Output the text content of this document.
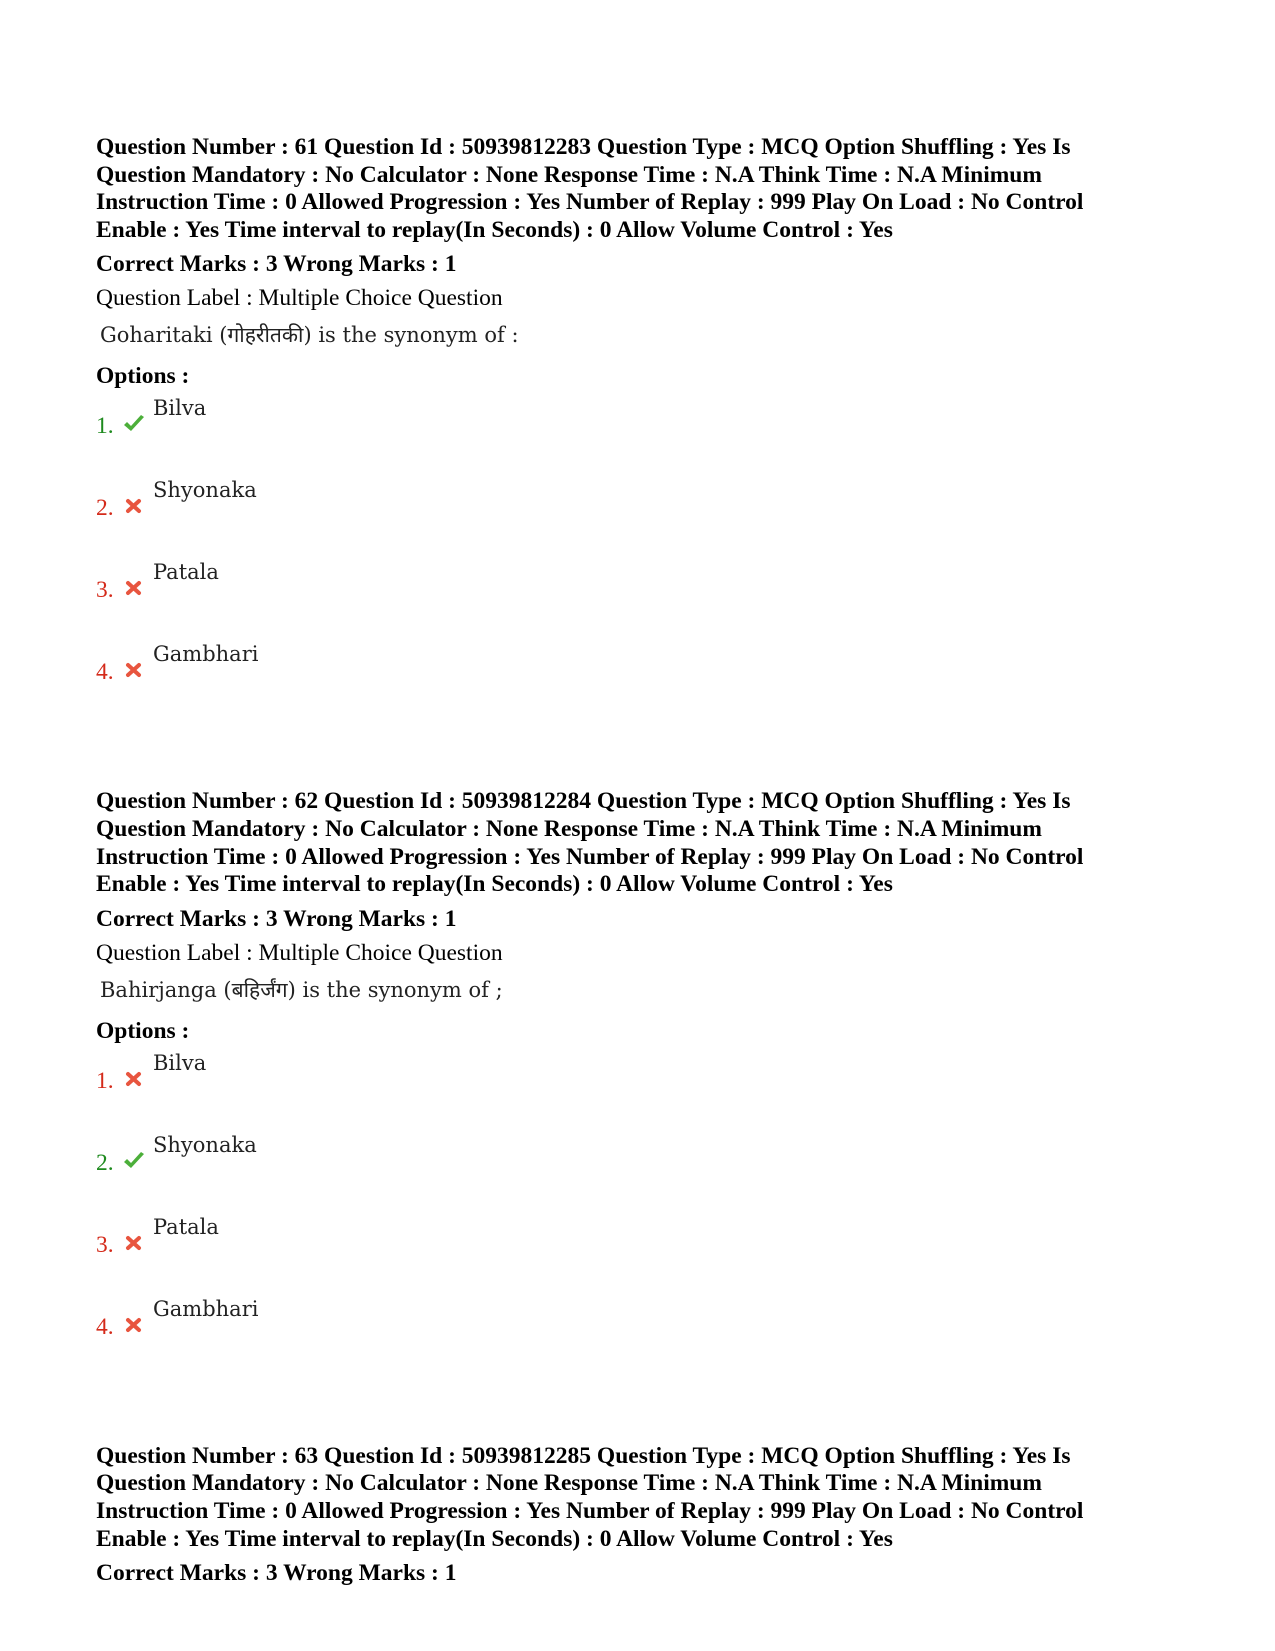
Question Number : 61 Question Id : 50939812283 Question Type : MCQ Option Shuffling : Yes Is
Question Mandatory : No Calculator : None Response Time : N.A Think Time : N.A Minimum
Instruction Time : 0 Allowed Progression : Yes Number of Replay : 999 Play On Load : No Control
Enable : Yes Time interval to replay(In Seconds) : 0 Allow Volume Control : Yes
Correct Marks : 3 Wrong Marks : 1
Question Label : Multiple Choice Question
Goharitaki (गोहरीतकी) is the synonym of :
Options :
1.
Bilva
2.
Shyonaka
3.
Patala
4.
Gambhari
Question Number : 62 Question Id : 50939812284 Question Type : MCQ Option Shuffling : Yes Is
Question Mandatory : No Calculator : None Response Time : N.A Think Time : N.A Minimum
Instruction Time : 0 Allowed Progression : Yes Number of Replay : 999 Play On Load : No Control
Enable : Yes Time interval to replay(In Seconds) : 0 Allow Volume Control : Yes
Correct Marks : 3 Wrong Marks : 1
Question Label : Multiple Choice Question
Bahirjanga (बहिर्जंग) is the synonym of ;
Options :
1.
Bilva
2.
Shyonaka
3.
Patala
4.
Gambhari
Question Number : 63 Question Id : 50939812285 Question Type : MCQ Option Shuffling : Yes Is
Question Mandatory : No Calculator : None Response Time : N.A Think Time : N.A Minimum
Instruction Time : 0 Allowed Progression : Yes Number of Replay : 999 Play On Load : No Control
Enable : Yes Time interval to replay(In Seconds) : 0 Allow Volume Control : Yes
Correct Marks : 3 Wrong Marks : 1
